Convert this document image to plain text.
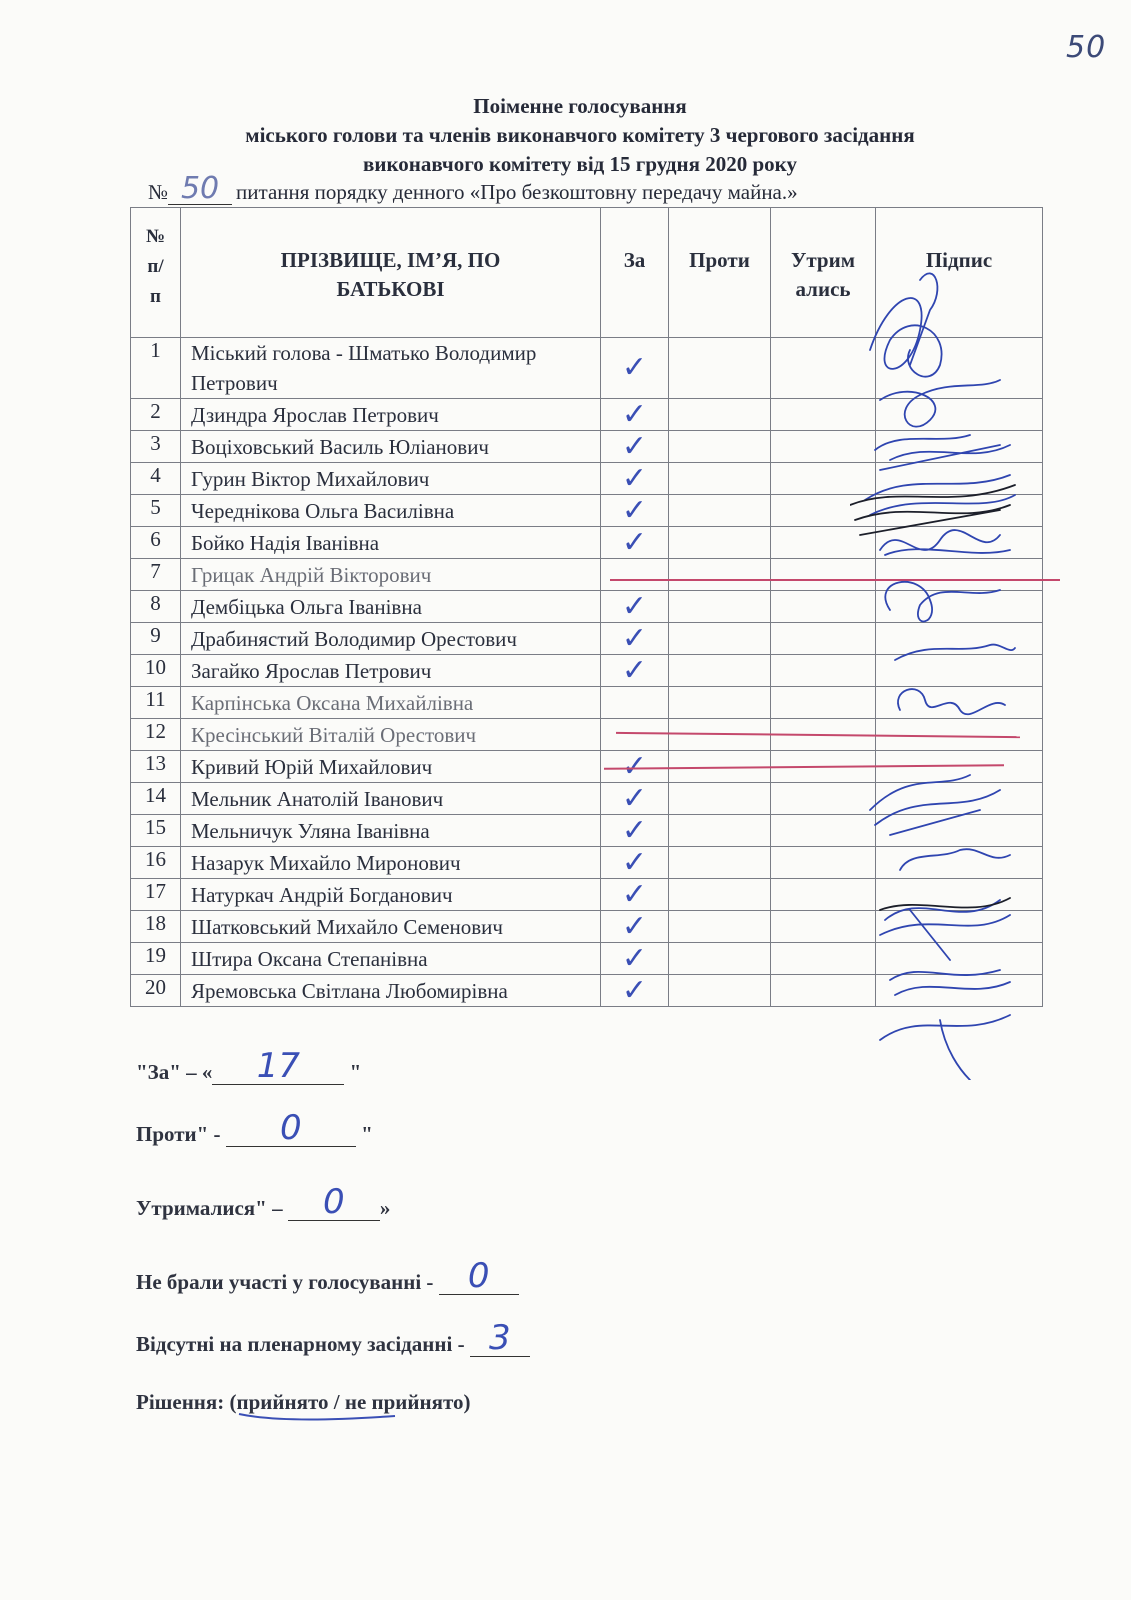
50
Поіменне голосування
міського голови та членів виконавчого комітету 3 чергового засідання
виконавчого комітету від 15 грудня 2020 року
№ 50 питання порядку денного «Про безкоштовну передачу майна.»
№ п/ п	ПРІЗВИЩЕ, ІМ’Я, ПО БАТЬКОВІ	За	Проти	Утрим ались	Підпис
1	Міський голова - Шматько Володимир Петрович	✓			

2	Дзиндра Ярослав Петрович	✓			

3	Воціховський Василь Юліанович	✓			

4	Гурин Віктор Михайлович	✓			

5	Череднікова Ольга Василівна	✓			

6	Бойко Надія Іванівна	✓			

7	Грицак Андрій Вікторович				
8	Дембіцька Ольга Іванівна	✓			

9	Драбинястий Володимир Орестович	✓			

10	Загайко Ярослав Петрович	✓			

11	Карпінська Оксана Михайлівна				
12	Кресінський Віталій Орестович				
13	Кривий Юрій Михайлович	✓			

14	Мельник Анатолій Іванович	✓			

15	Мельничук Уляна Іванівна	✓			

16	Назарук Михайло Миронович	✓			

17	Натуркач Андрій Богданович	✓			

18	Шатковський Михайло Семенович	✓			

19	Штира Оксана Степанівна	✓			

20	Яремовська Світлана Любомирівна	✓			

"За" – « 17 "
Проти" - 0	"
Утрималися" – 0 »
Не брали участі у голосуванні - 0
Відсутні на пленарному засіданні - 3
Рішення: (прийнято / н
е прийнято)
